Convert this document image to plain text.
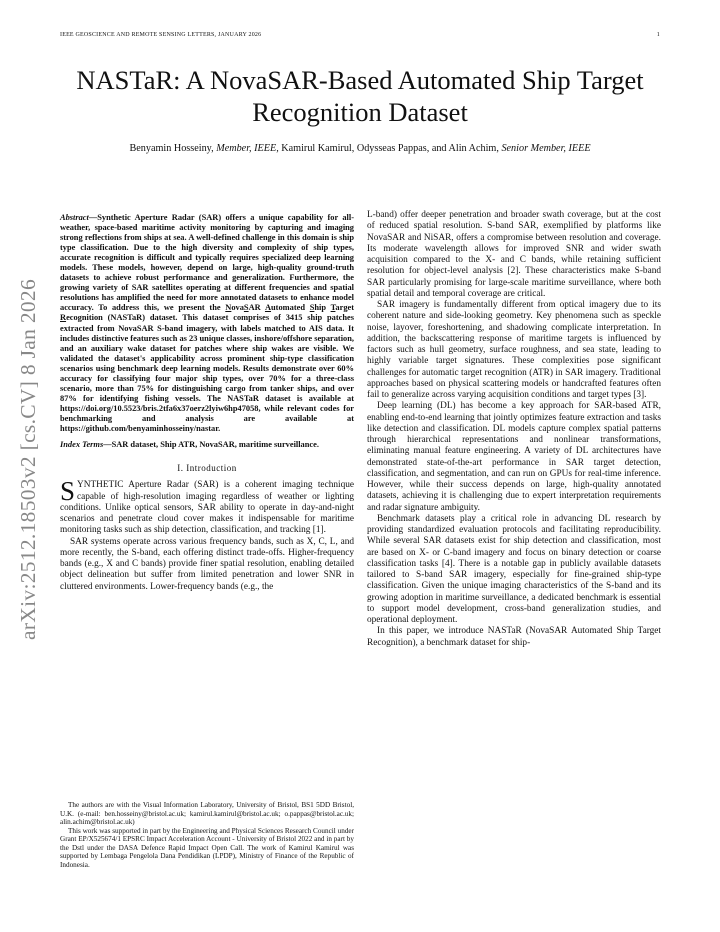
IEEE GEOSCIENCE AND REMOTE SENSING LETTERS, JANUARY 2026	1
NASTaR: A NovaSAR-Based Automated Ship Target Recognition Dataset
Benyamin Hosseiny, Member, IEEE, Kamirul Kamirul, Odysseas Pappas, and Alin Achim, Senior Member, IEEE
arXiv:2512.18503v2 [cs.CV] 8 Jan 2026
Abstract—Synthetic Aperture Radar (SAR) offers a unique capability for all-weather, space-based maritime activity monitoring by capturing and imaging strong reflections from ships at sea. A well-defined challenge in this domain is ship type classification. Due to the high diversity and complexity of ship types, accurate recognition is difficult and typically requires specialized deep learning models. These models, however, depend on large, high-quality ground-truth datasets to achieve robust performance and generalization. Furthermore, the growing variety of SAR satellites operating at different frequencies and spatial resolutions has amplified the need for more annotated datasets to enhance model accuracy. To address this, we present the NovaSAR Automated Ship Target Recognition (NASTaR) dataset. This dataset comprises of 3415 ship patches extracted from NovaSAR S-band imagery, with labels matched to AIS data. It includes distinctive features such as 23 unique classes, inshore/offshore separation, and an auxiliary wake dataset for patches where ship wakes are visible. We validated the dataset's applicability across prominent ship-type classification scenarios using benchmark deep learning models. Results demonstrate over 60% accuracy for classifying four major ship types, over 70% for a three-class scenario, more than 75% for distinguishing cargo from tanker ships, and over 87% for identifying fishing vessels. The NASTaR dataset is available at https://doi.org/10.5523/bris.2tfa6x37oerz2lyiw6hp47058, while relevant codes for benchmarking and analysis are available at https://github.com/benyaminhosseiny/nastar.
Index Terms—SAR dataset, Ship ATR, NovaSAR, maritime surveillance.
I. Introduction

SYNTHETIC Aperture Radar (SAR) is a coherent imaging technique capable of high-resolution imaging regardless of weather or lighting conditions. Unlike optical sensors, SAR ability to operate in day-and-night scenarios and penetrate cloud cover makes it indispensable for maritime monitoring tasks such as ship detection, classification, and tracking [1].

SAR systems operate across various frequency bands, such as X, C, L, and more recently, the S-band, each offering distinct trade-offs. Higher-frequency bands (e.g., X and C bands) provide finer spatial resolution, enabling detailed object delineation but suffer from limited penetration and lower SNR in cluttered environments. Lower-frequency bands (e.g., the

The authors are with the Visual Information Laboratory, University of Bristol, BS1 5DD Bristol, U.K. (e-mail: ben.hosseiny@bristol.ac.uk; kamirul.kamirul@bristol.ac.uk; o.pappas@bristol.ac.uk; alin.achim@bristol.ac.uk)

This work was supported in part by the Engineering and Physical Sciences Research Council under Grant EP/X525674/1 EPSRC Impact Acceleration Account - University of Bristol 2022 and in part by the Dstl under the DASA Defence Rapid Impact Open Call. The work of Kamirul Kamirul was supported by Lembaga Pengelola Dana Pendidikan (LPDP), Ministry of Finance of the Republic of Indonesia.

L-band) offer deeper penetration and broader swath coverage, but at the cost of reduced spatial resolution. S-band SAR, exemplified by platforms like NovaSAR and NiSAR, offers a compromise between resolution and coverage. Its moderate wavelength allows for improved SNR and wider swath acquisition compared to the X- and C bands, while retaining sufficient resolution for object-level analysis [2]. These characteristics make S-band SAR particularly promising for large-scale maritime surveillance, where both spatial detail and temporal coverage are critical.

SAR imagery is fundamentally different from optical imagery due to its coherent nature and side-looking geometry. Key phenomena such as speckle noise, layover, foreshortening, and shadowing complicate interpretation. In addition, the backscattering response of maritime targets is influenced by factors such as hull geometry, surface roughness, and sea state, leading to highly variable target signatures. These complexities pose significant challenges for automatic target recognition (ATR) in SAR imagery. Traditional approaches based on physical scattering models or handcrafted features often fail to generalize across varying acquisition conditions and target types [3].

Deep learning (DL) has become a key approach for SAR-based ATR, enabling end-to-end learning that jointly optimizes feature extraction and tasks like detection and classification. DL models capture complex spatial patterns through hierarchical representations and nonlinear transformations, eliminating manual feature engineering. A variety of DL architectures have demonstrated state-of-the-art performance in SAR target detection, classification, and segmentation, and can run on GPUs for real-time inference. However, while their success depends on large, high-quality annotated datasets, achieving it is challenging due to expert interpretation requirements and radar signature ambiguity.

Benchmark datasets play a critical role in advancing DL research by providing standardized evaluation protocols and facilitating reproducibility. While several SAR datasets exist for ship detection and classification, most are based on X- or C-band imagery and focus on binary detection or coarse classification tasks [4]. There is a notable gap in publicly available datasets tailored to S-band SAR imagery, especially for fine-grained ship-type classification. Given the unique imaging characteristics of the S-band and its growing adoption in maritime surveillance, a dedicated benchmark is essential to support model development, cross-band generalization studies, and operational deployment.

In this paper, we introduce NASTaR (NovaSAR Automated Ship Target Recognition), a benchmark dataset for ship-
